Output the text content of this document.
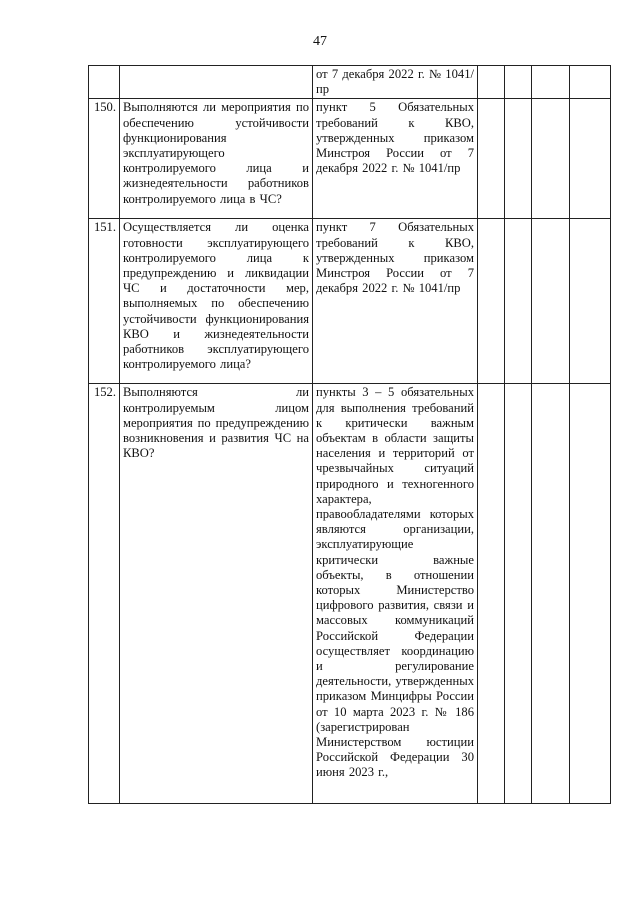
47
		от 7 декабря 2022 г. № 1041/пр				
150.	Выполняются ли мероприятия по обеспечению устойчивости функционирования эксплуатирующего контролируемого лица и жизнедеятельности работников контролируемого лица в ЧС?	пункт 5 Обязательных требований к КВО, утвержденных приказом Минстроя России от 7 декабря 2022 г. № 1041/пр				
151.	Осуществляется ли оценка готовности эксплуатирующего контролируемого лица к предупреждению и ликвидации ЧС и достаточности мер, выполняемых по обеспечению устойчивости функционирования КВО и жизнедеятельности работников эксплуатирующего контролируемого лица?	пункт 7 Обязательных требований к КВО, утвержденных приказом Минстроя России от 7 декабря 2022 г. № 1041/пр				
152.	Выполняются ли контролируемым лицом мероприятия по предупреждению возникновения и развития ЧС на КВО?	пункты 3 – 5 обязательных для выполнения требований к критически важным объектам в области защиты населения и территорий от чрезвычайных ситуаций природного и техногенного характера, правообладателями которых являются организации, эксплуатирующие критически важные объекты, в отношении которых Министерство цифрового развития, связи и массовых коммуникаций Российской Федерации осуществляет координацию и регулирование деятельности, утвержденных приказом Минцифры России от 10 марта 2023 г. № 186 (зарегистрирован Министерством юстиции Российской Федерации 30 июня 2023 г.,				
